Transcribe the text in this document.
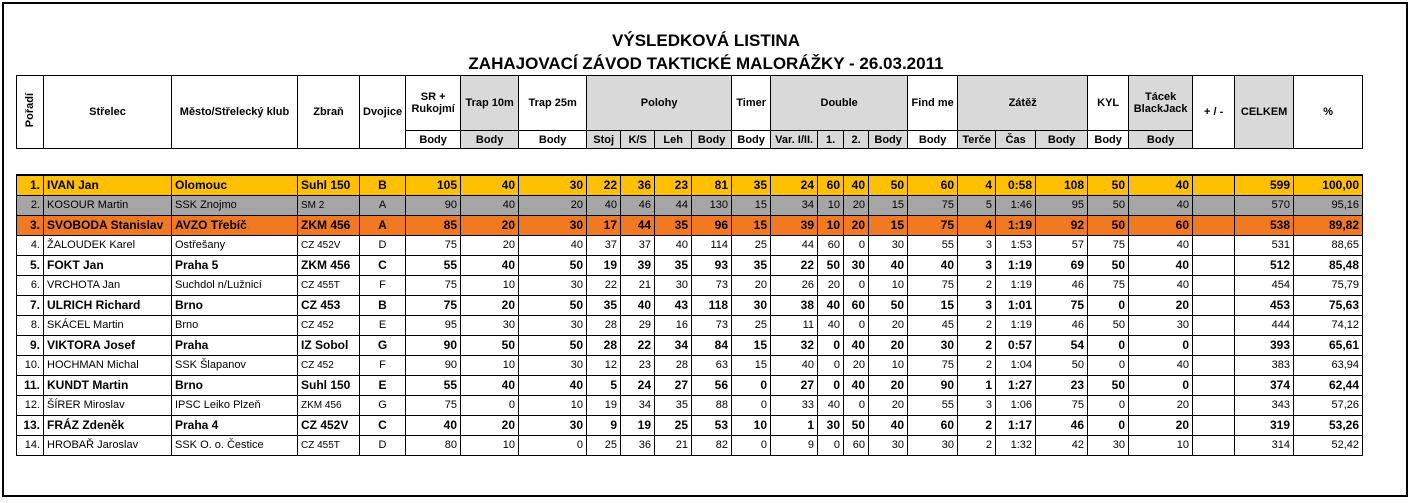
VÝSLEDKOVÁ LISTINA
ZAHAJOVACÍ ZÁVOD TAKTICKÉ MALORÁŽKY - 26.03.2011
Pořadí	Střelec	Město/Střelecký klub	Zbraň	Dvojice	SR + Rukojmí	Trap 10m	Trap 25m	Polohy				Timer	Double				Find me	Zátěž			KYL	Tácek BlackJack	+ / -	CELKEM	%
					Body	Body	Body	Stoj	K/S	Leh	Body	Body	Var. I/II.	1.	2.	Body	Body	Terče	Čas	Body	Body	Body			
1.	IVAN Jan	Olomouc	Suhl 150	B	105	40	30	22	36	23	81	35	24	60	40	50	60	4	0:58	108	50	40		599	100,00
2.	KOSOUR Martin	SSK Znojmo	SM 2	A	90	40	20	40	46	44	130	15	34	10	20	15	75	5	1:46	95	50	40		570	95,16
3.	SVOBODA Stanislav	AVZO Třebíč	ZKM 456	A	85	20	30	17	44	35	96	15	39	10	20	15	75	4	1:19	92	50	60		538	89,82
4.	ŽALOUDEK Karel	Ostřešany	CZ 452V	D	75	20	40	37	37	40	114	25	44	60	0	30	55	3	1:53	57	75	40		531	88,65
5.	FOKT Jan	Praha 5	ZKM 456	C	55	40	50	19	39	35	93	35	22	50	30	40	40	3	1:19	69	50	40		512	85,48
6.	VRCHOTA Jan	Suchdol n/Lužnicí	CZ 455T	F	75	10	30	22	21	30	73	20	26	20	0	10	75	2	1:19	46	75	40		454	75,79
7.	ULRICH Richard	Brno	CZ 453	B	75	20	50	35	40	43	118	30	38	40	60	50	15	3	1:01	75	0	20		453	75,63
8.	SKÁCEL Martin	Brno	CZ 452	E	95	30	30	28	29	16	73	25	11	40	0	20	45	2	1:19	46	50	30		444	74,12
9.	VIKTORA Josef	Praha	IZ Sobol	G	90	50	50	28	22	34	84	15	32	0	40	20	30	2	0:57	54	0	0		393	65,61
10.	HOCHMAN Michal	SSK Šlapanov	CZ 452	F	90	10	30	12	23	28	63	15	40	0	20	10	75	2	1:04	50	0	40		383	63,94
11.	KUNDT Martin	Brno	Suhl 150	E	55	40	40	5	24	27	56	0	27	0	40	20	90	1	1:27	23	50	0		374	62,44
12.	ŠÍRER Miroslav	IPSC Leiko Plzeň	ZKM 456	G	75	0	10	19	34	35	88	0	33	40	0	20	55	3	1:06	75	0	20		343	57,26
13.	FRÁZ Zdeněk	Praha 4	CZ 452V	C	40	20	30	9	19	25	53	10	1	30	50	40	60	2	1:17	46	0	20		319	53,26
14.	HROBAŘ Jaroslav	SSK O. o. Čestice	CZ 455T	D	80	10	0	25	36	21	82	0	9	0	60	30	30	2	1:32	42	30	10		314	52,42
